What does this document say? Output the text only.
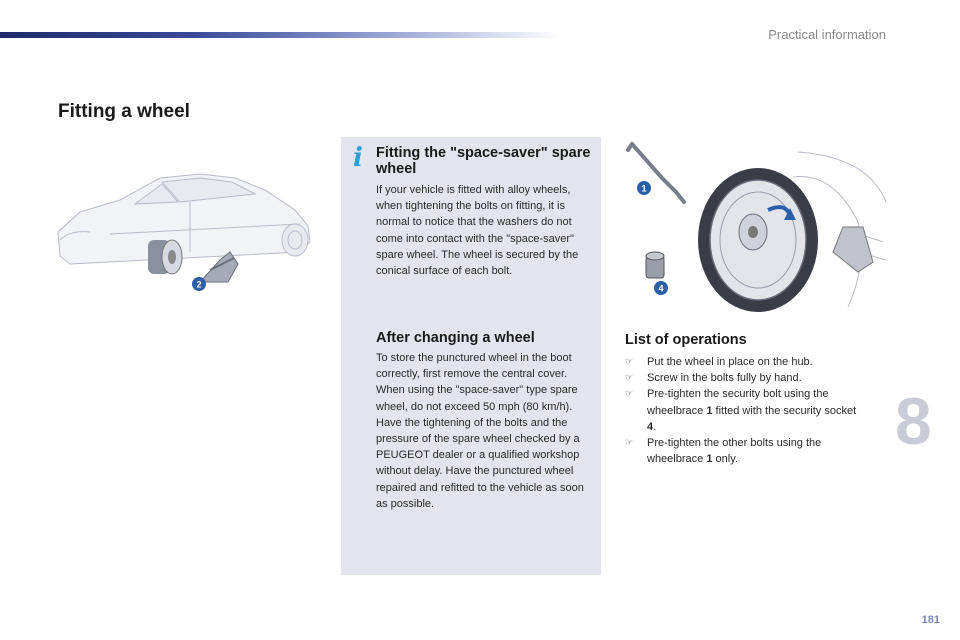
Practical information
Fitting a wheel
2
i Fitting the "space-saver" spare wheel

If your vehicle is fitted with alloy wheels, when tightening the bolts on fitting, it is normal to notice that the washers do not come into contact with the "space-saver" spare wheel. The wheel is secured by the conical surface of each bolt.

After changing a wheel

To store the punctured wheel in the boot correctly, first remove the central cover. When using the "space-saver" type spare wheel, do not exceed 50 mph (80 km/h). Have the tightening of the bolts and the pressure of the spare wheel checked by a PEUGEOT dealer or a qualified workshop without delay. Have the punctured wheel repaired and refitted to the vehicle as soon as possible.

1
4
List of operations
☞ Put the wheel in place on the hub.
☞ Screw in the bolts fully by hand.
☞ Pre-tighten the security bolt using the wheelbrace 1 fitted with the security socket 4.
☞ Pre-tighten the other bolts using the wheelbrace 1 only.
8
181
